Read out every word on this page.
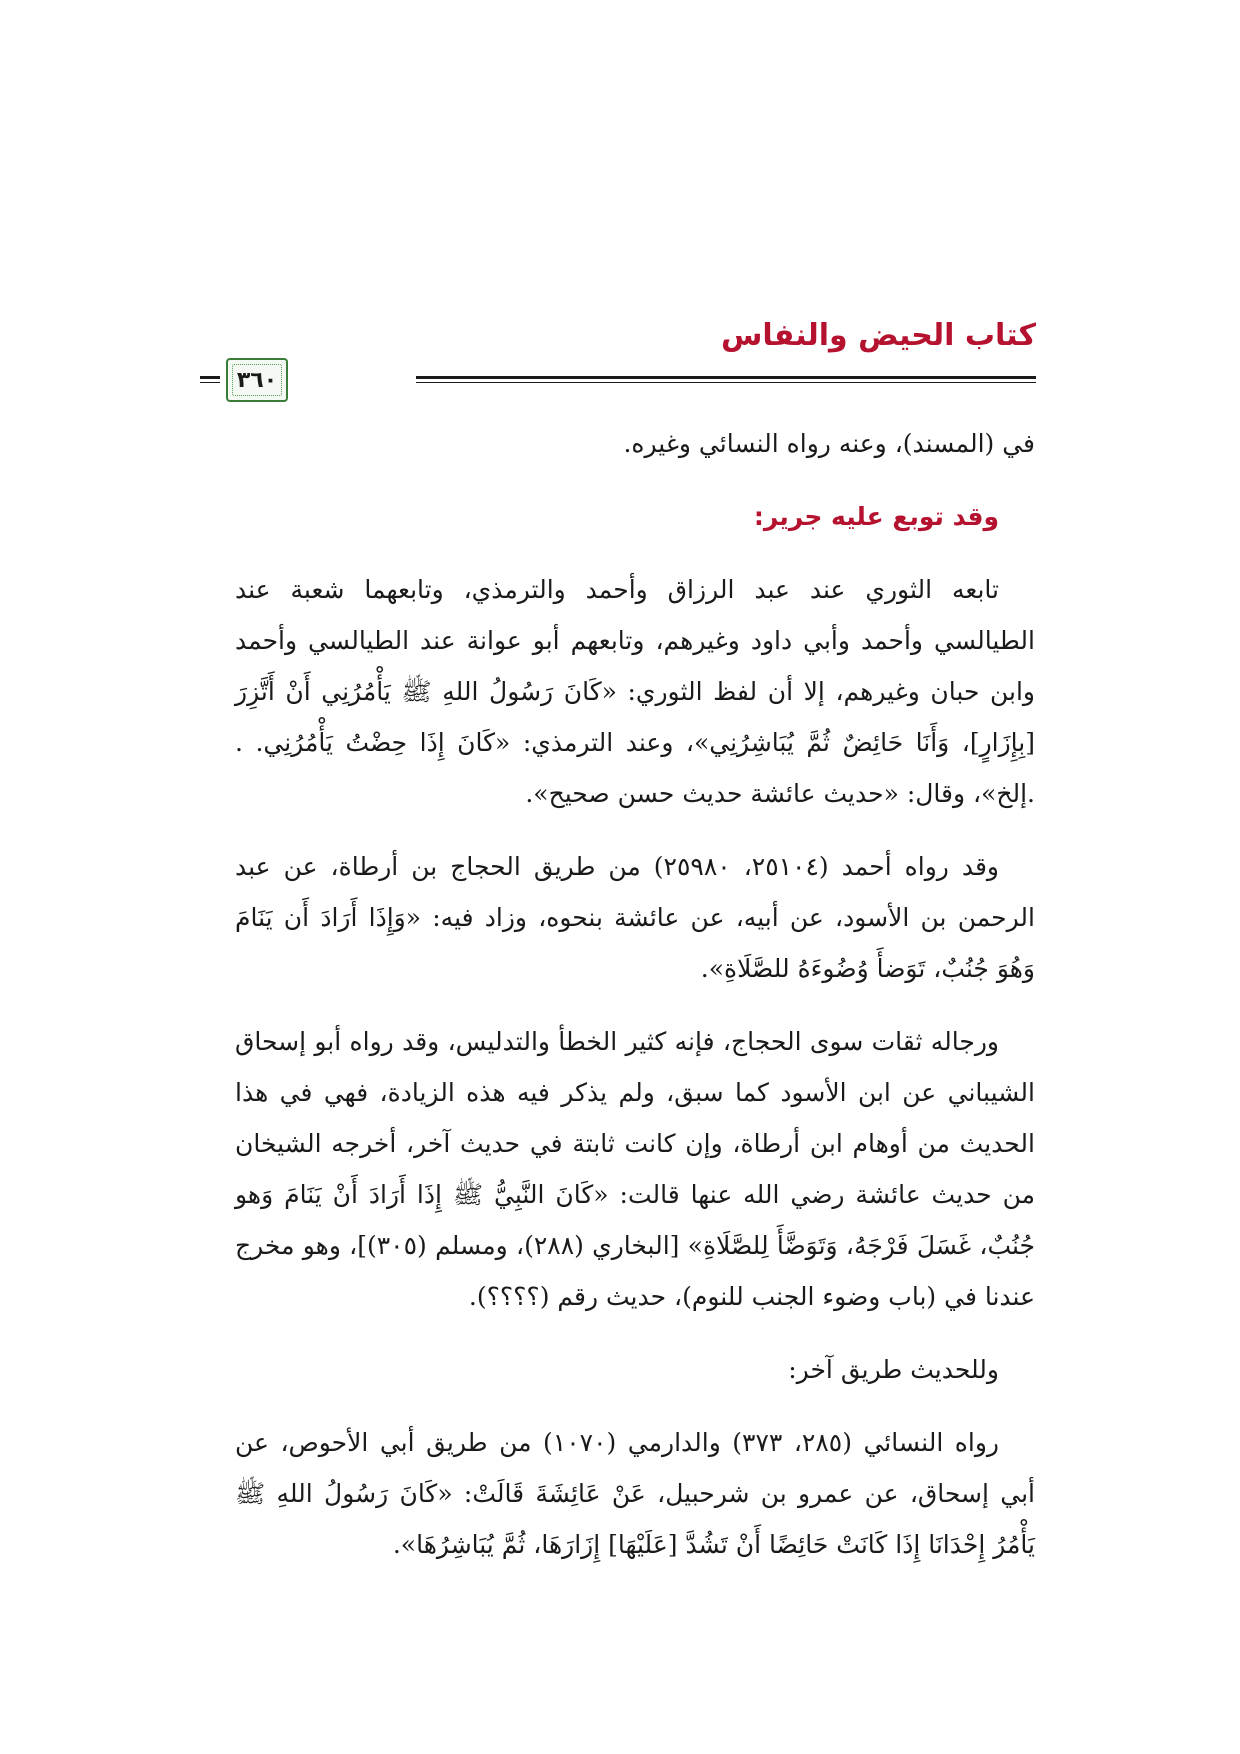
كتاب الحيض والنفاس
٣٦٠

في (المسند)، وعنه رواه النسائي وغيره.

وقد توبع عليه جرير:

تابعه الثوري عند عبد الرزاق وأحمد والترمذي، وتابعهما شعبة عند الطيالسي وأحمد وأبي داود وغيرهم، وتابعهم أبو عوانة عند الطيالسي وأحمد وابن حبان وغيرهم، إلا أن لفظ الثوري: «كَانَ رَسُولُ اللهِ ﷺ يَأْمُرُنِي أَنْ أَتَّزِرَ [بِإِزَارٍ]، وَأَنَا حَائِضٌ ثُمَّ يُبَاشِرُنِي»، وعند الترمذي: «كَانَ إِذَا حِضْتُ يَأْمُرُنِي. . .إلخ»، وقال: «حديث عائشة حديث حسن صحيح».

وقد رواه أحمد (٢٥١٠٤، ٢٥٩٨٠) من طريق الحجاج بن أرطاة، عن عبد الرحمن بن الأسود، عن أبيه، عن عائشة بنحوه، وزاد فيه: «وَإِذَا أَرَادَ أَن يَنَامَ وَهُوَ جُنُبٌ، تَوَضأَ وُضُوءَهُ للصَّلَاةِ».

ورجاله ثقات سوى الحجاج، فإنه كثير الخطأ والتدليس، وقد رواه أبو إسحاق الشيباني عن ابن الأسود كما سبق، ولم يذكر فيه هذه الزيادة، فهي في هذا الحديث من أوهام ابن أرطاة، وإن كانت ثابتة في حديث آخر، أخرجه الشيخان من حديث عائشة رضي الله عنها قالت: «كَانَ النَّبِيُّ ﷺ إِذَا أَرَادَ أَنْ يَنَامَ وَهو جُنُبٌ، غَسَلَ فَرْجَهُ، وَتَوَضَّأَ لِلصَّلَاةِ» [البخاري (٢٨٨)، ومسلم (٣٠٥)]، وهو مخرج عندنا في (باب وضوء الجنب للنوم)، حديث رقم (؟؟؟؟).

وللحديث طريق آخر:

رواه النسائي (٢٨٥، ٣٧٣) والدارمي (١٠٧٠) من طريق أبي الأحوص، عن أبي إسحاق، عن عمرو بن شرحبيل، عَنْ عَائِشَةَ قَالَتْ: «كَانَ رَسُولُ اللهِ ﷺ يَأْمُرُ إِحْدَانَا إِذَا كَانَتْ حَائِضًا أَنْ تَشُدَّ [عَلَيْهَا] إِزَارَهَا، ثُمَّ يُبَاشِرُهَا».
